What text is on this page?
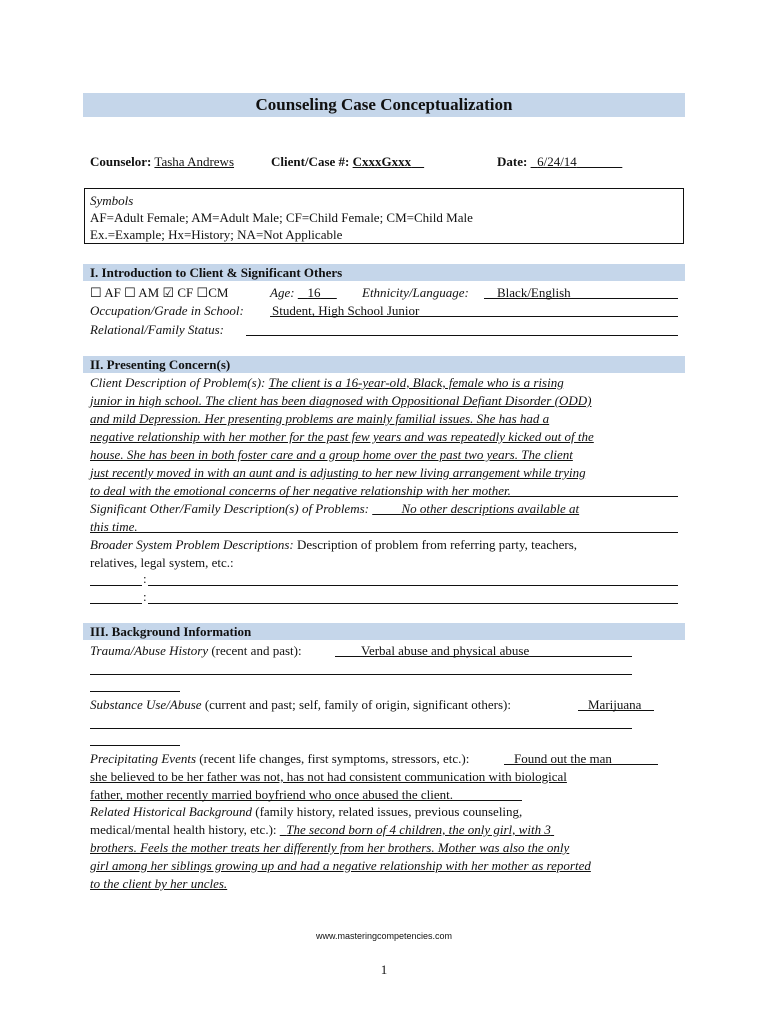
Counseling Case Conceptualization
Counselor: Tasha Andrews	Client/Case #: CxxxGxxx	Date: 6/24/14
Symbols
AF=Adult Female; AM=Adult Male; CF=Child Female; CM=Child Male
Ex.=Example; Hx=History; NA=Not Applicable
I. Introduction to Client & Significant Others
☐ AF ☐ AM ☑ CF ☐CM	Age: 16	Ethnicity/Language: Black/English
Occupation/Grade in School: Student, High School Junior
Relational/Family Status:
II. Presenting Concern(s)
Client Description of Problem(s): The client is a 16-year-old, Black, female who is a rising
junior in high school. The client has been diagnosed with Oppositional Defiant Disorder (ODD)
and mild Depression. Her presenting problems are mainly familial issues. She has had a
negative relationship with her mother for the past few years and was repeatedly kicked out of the
house. She has been in both foster care and a group home over the past two years. The client
just recently moved in with an aunt and is adjusting to her new living arrangement while trying
to deal with the emotional concerns of her negative relationship with her mother.
Significant Other/Family Description(s) of Problems:	No other descriptions available at
this time.
Broader System Problem Descriptions: Description of problem from referring party, teachers,
relatives, legal system, etc.:
:
:
III. Background Information
Trauma/Abuse History (recent and past):	Verbal abuse and physical abuse
Substance Use/Abuse (current and past; self, family of origin, significant others):	Marijuana
Precipitating Events (recent life changes, first symptoms, stressors, etc.):	Found out the man
she believed to be her father was not, has not had consistent communication with biological
father, mother recently married boyfriend who once abused the client.
Related Historical Background (family history, related issues, previous counseling,
medical/mental health history, etc.): The second born of 4 children, the only girl, with 3
brothers. Feels the mother treats her differently from her brothers. Mother was also the only
girl among her siblings growing up and had a negative relationship with her mother as reported
to the client by her uncles.
www.masteringcompetencies.com
1
